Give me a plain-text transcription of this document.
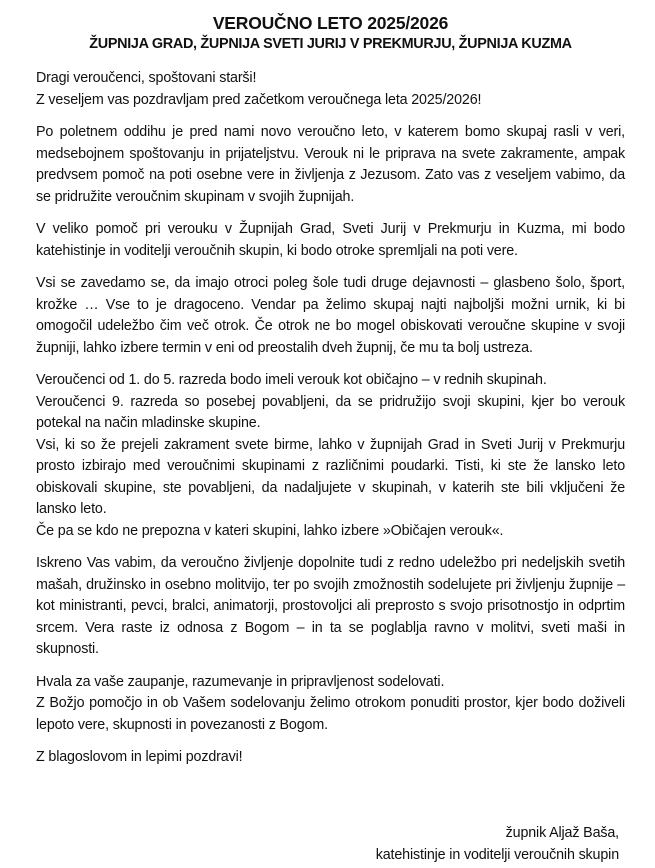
VEROUČNO LETO 2025/2026
ŽUPNIJA GRAD, ŽUPNIJA SVETI JURIJ V PREKMURJU, ŽUPNIJA KUZMA

Dragi veroučenci, spoštovani starši!
Z veseljem vas pozdravljam pred začetkom veroučnega leta 2025/2026!

Po poletnem oddihu je pred nami novo veroučno leto, v katerem bomo skupaj rasli v veri, medsebojnem spoštovanju in prijateljstvu. Verouk ni le priprava na svete zakramente, ampak predvsem pomoč na poti osebne vere in življenja z Jezusom. Zato vas z veseljem vabimo, da se pridružite veroučnim skupinam v svojih župnijah.

V veliko pomoč pri verouku v Župnijah Grad, Sveti Jurij v Prekmurju in Kuzma, mi bodo katehistinje in voditelji veroučnih skupin, ki bodo otroke spremljali na poti vere.

Vsi se zavedamo se, da imajo otroci poleg šole tudi druge dejavnosti – glasbeno šolo, šport, krožke … Vse to je dragoceno. Vendar pa želimo skupaj najti najboljši možni urnik, ki bi omogočil udeležbo čim več otrok. Če otrok ne bo mogel obiskovati veroučne skupine v svoji župniji, lahko izbere termin v eni od preostalih dveh župnij, če mu ta bolj ustreza.

Veroučenci od 1. do 5. razreda bodo imeli verouk kot običajno – v rednih skupinah.
Veroučenci 9. razreda so posebej povabljeni, da se pridružijo svoji skupini, kjer bo verouk potekal na način mladinske skupine.
Vsi, ki so že prejeli zakrament svete birme, lahko v župnijah Grad in Sveti Jurij v Prekmurju prosto izbirajo med veroučnimi skupinami z različnimi poudarki. Tisti, ki ste že lansko leto obiskovali skupine, ste povabljeni, da nadaljujete v skupinah, v katerih ste bili vključeni že lansko leto.
Če pa se kdo ne prepozna v kateri skupini, lahko izbere »Običajen verouk«.

Iskreno Vas vabim, da veroučno življenje dopolnite tudi z redno udeležbo pri nedeljskih svetih mašah, družinsko in osebno molitvijo, ter po svojih zmožnostih sodelujete pri življenju župnije – kot ministranti, pevci, bralci, animatorji, prostovoljci ali preprosto s svojo prisotnostjo in odprtim srcem. Vera raste iz odnosa z Bogom – in ta se poglablja ravno v molitvi, sveti maši in skupnosti.

Hvala za vaše zaupanje, razumevanje in pripravljenost sodelovati.
Z Božjo pomočjo in ob Vašem sodelovanju želimo otrokom ponuditi prostor, kjer bodo doživeli lepoto vere, skupnosti in povezanosti z Bogom.

Z blagoslovom in lepimi pozdravi!

župnik Aljaž Baša,
katehistinje in voditelji veroučnih skupin
